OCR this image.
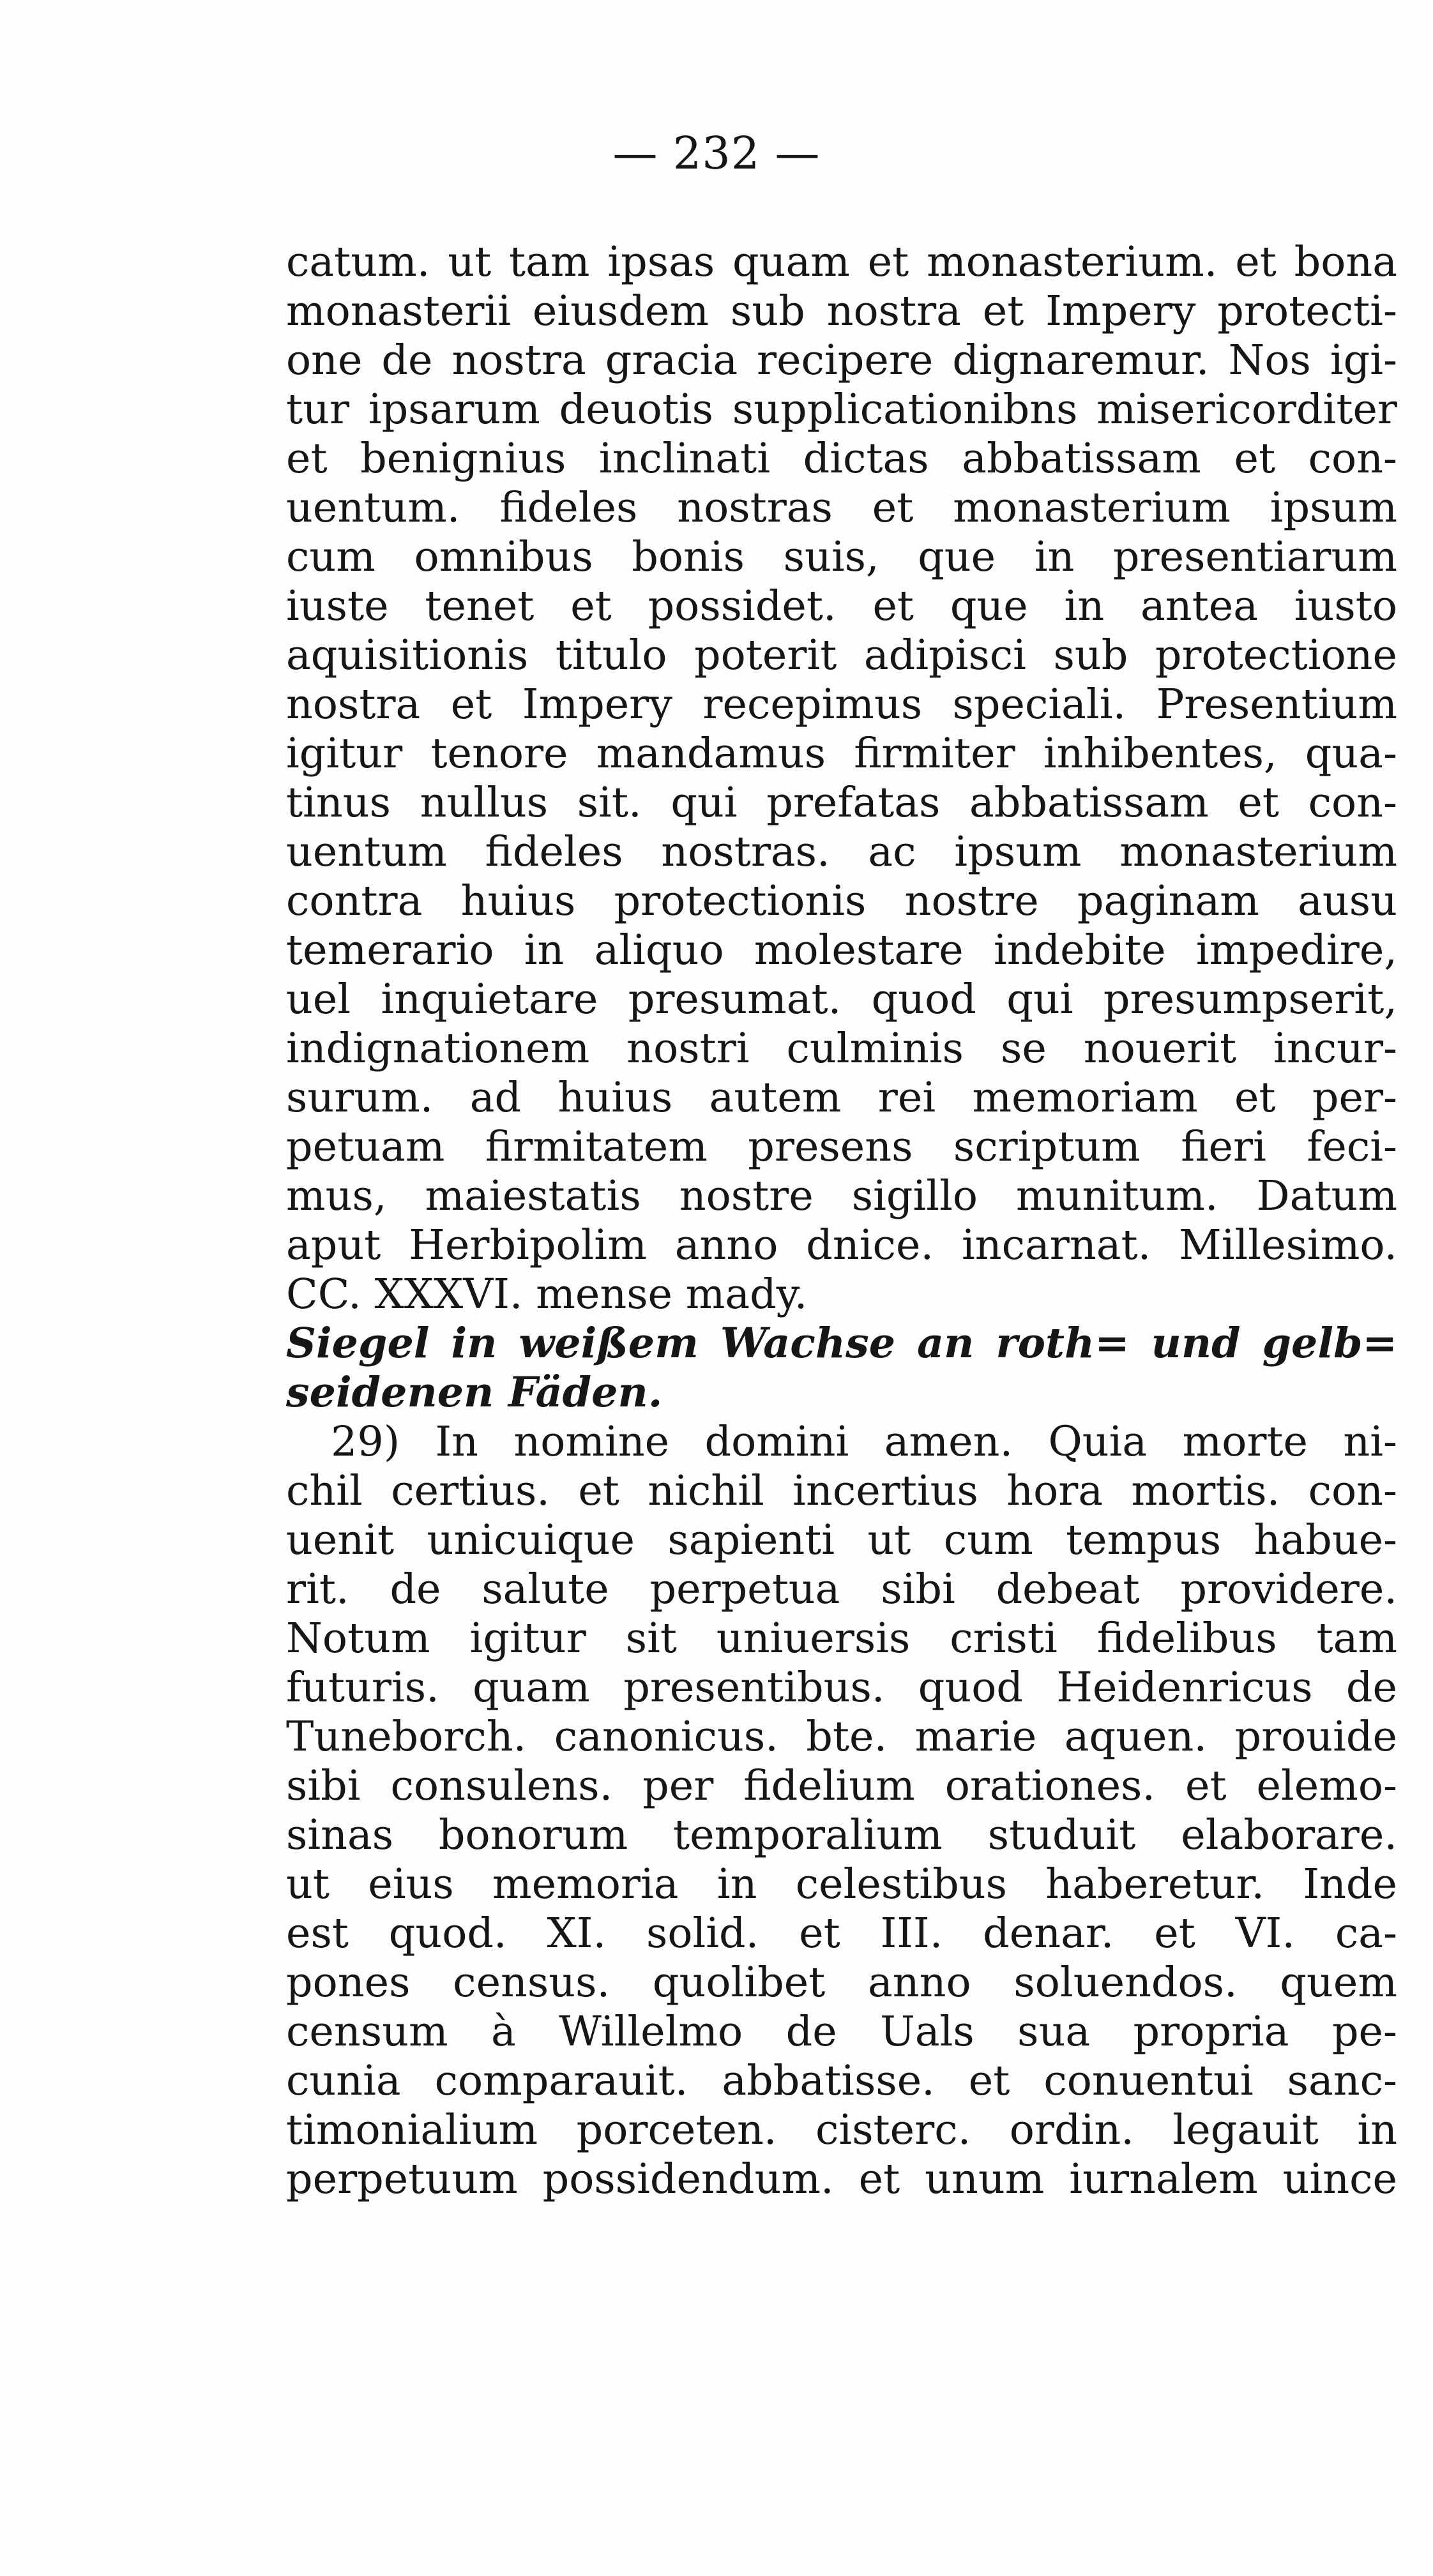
— 232 —
catum. ut tam ipsas quam et monasterium. et bona
monasterii eiusdem sub nostra et Impery protecti-
one de nostra gracia recipere dignaremur. Nos igi-
tur ipsarum deuotis supplicationibns misericorditer
et benignius inclinati dictas abbatissam et con-
uentum. fideles nostras et monasterium ipsum
cum omnibus bonis suis, que in presentiarum
iuste tenet et possidet. et que in antea iusto
aquisitionis titulo poterit adipisci sub protectione
nostra et Impery recepimus speciali. Presentium
igitur tenore mandamus firmiter inhibentes, qua-
tinus nullus sit. qui prefatas abbatissam et con-
uentum fideles nostras. ac ipsum monasterium
contra huius protectionis nostre paginam ausu
temerario in aliquo molestare indebite impedire,
uel inquietare presumat. quod qui presumpserit,
indignationem nostri culminis se nouerit incur-
surum. ad huius autem rei memoriam et per-
petuam firmitatem presens scriptum fieri feci-
mus, maiestatis nostre sigillo munitum. Datum
aput Herbipolim anno dnice. incarnat. Millesimo.
CC. XXXVI. mense mady.
Siegel in weißem Wachse an roth= und gelb=
seidenen Fäden.
29) In nomine domini amen. Quia morte ni-
chil certius. et nichil incertius hora mortis. con-
uenit unicuique sapienti ut cum tempus habue-
rit. de salute perpetua sibi debeat providere.
Notum igitur sit uniuersis cristi fidelibus tam
futuris. quam presentibus. quod Heidenricus de
Tuneborch. canonicus. bte. marie aquen. prouide
sibi consulens. per fidelium orationes. et elemo-
sinas bonorum temporalium studuit elaborare.
ut eius memoria in celestibus haberetur. Inde
est quod. XI. solid. et III. denar. et VI. ca-
pones census. quolibet anno soluendos. quem
censum à Willelmo de Uals sua propria pe-
cunia comparauit. abbatisse. et conuentui sanc-
timonialium porceten. cisterc. ordin. legauit in
perpetuum possidendum. et unum iurnalem uince
